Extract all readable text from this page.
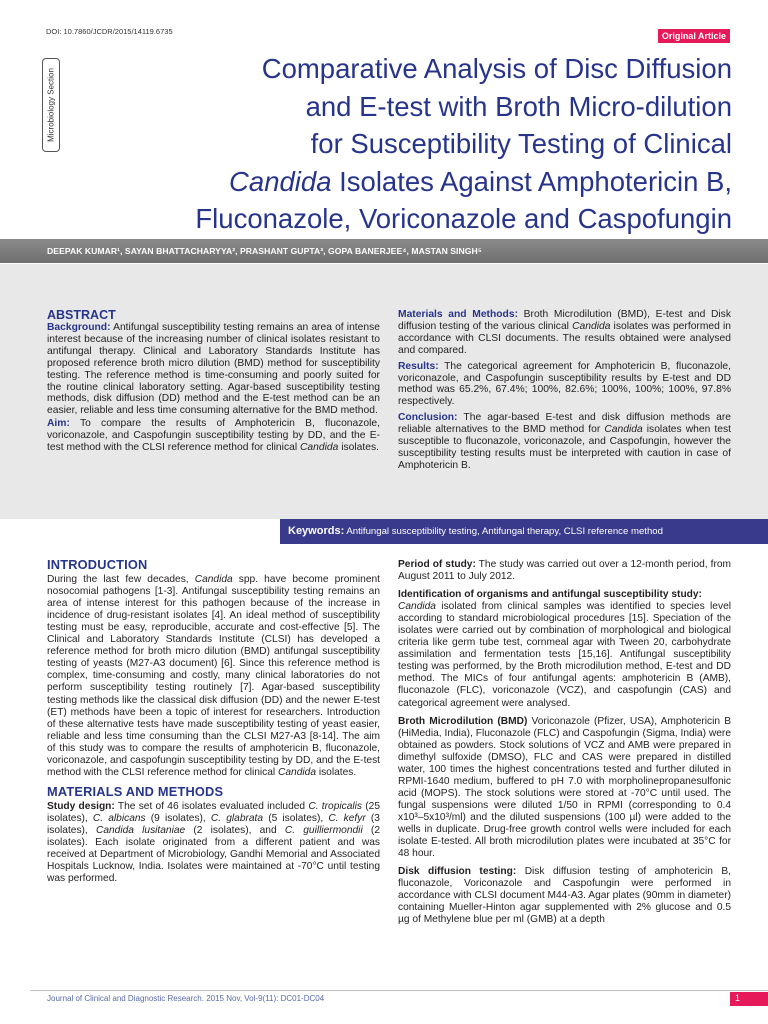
DOI: 10.7860/JCDR/2015/14119.6735	Original Article
Microbiology Section	Comparative Analysis of Disc Diffusion
and E-test with Broth Micro-dilution
for Susceptibility Testing of Clinical
Candida Isolates Against Amphotericin B,
Fluconazole, Voriconazole and Caspofungin
DEEPAK KUMAR¹, SAYAN BHATTACHARYYA², PRASHANT GUPTA³, GOPA BANERJEE⁴, MASTAN SINGH⁵
ABSTRACT

Background: Antifungal susceptibility testing remains an area of intense interest because of the increasing number of clinical isolates resistant to antifungal therapy. Clinical and Laboratory Standards Institute has proposed reference broth micro dilution (BMD) method for susceptibility testing. The reference method is time-consuming and poorly suited for the routine clinical laboratory setting. Agar-based susceptibility testing methods, disk diffusion (DD) method and the E-test method can be an easier, reliable and less time consuming alternative for the BMD method.

Aim: To compare the results of Amphotericin B, fluconazole, voriconazole, and Caspofungin susceptibility testing by DD, and the E-test method with the CLSI reference method for clinical Candida isolates.

Materials and Methods: Broth Microdilution (BMD), E-test and Disk diffusion testing of the various clinical Candida isolates was performed in accordance with CLSI documents. The results obtained were analysed and compared.

Results: The categorical agreement for Amphotericin B, fluconazole, voriconazole, and Caspofungin susceptibility results by E-test and DD method was 65.2%, 67.4%; 100%, 82.6%; 100%, 100%; 100%, 97.8% respectively.

Conclusion: The agar-based E-test and disk diffusion methods are reliable alternatives to the BMD method for Candida isolates when test susceptible to fluconazole, voriconazole, and Caspofungin, however the susceptibility testing results must be interpreted with caution in case of Amphotericin B.

Keywords: Antifungal susceptibility testing, Antifungal therapy, CLSI reference method
INTRODUCTION

During the last few decades, Candida spp. have become prominent nosocomial pathogens [1-3]. Antifungal susceptibility testing remains an area of intense interest for this pathogen because of the increase in incidence of drug-resistant isolates [4]. An ideal method of susceptibility testing must be easy, reproducible, accurate and cost-effective [5]. The Clinical and Laboratory Standards Institute (CLSI) has developed a reference method for broth micro dilution (BMD) antifungal susceptibility testing of yeasts (M27-A3 document) [6]. Since this reference method is complex, time-consuming and costly, many clinical laboratories do not perform susceptibility testing routinely [7]. Agar-based susceptibility testing methods like the classical disk diffusion (DD) and the newer E-test (ET) methods have been a topic of interest for researchers. Introduction of these alternative tests have made susceptibility testing of yeast easier, reliable and less time consuming than the CLSI M27-A3 [8-14]. The aim of this study was to compare the results of amphotericin B, fluconazole, voriconazole, and caspofungin susceptibility testing by DD, and the E-test method with the CLSI reference method for clinical Candida isolates.

MATERIALS AND METHODS

Study design: The set of 46 isolates evaluated included C. tropicalis (25 isolates), C. albicans (9 isolates), C. glabrata (5 isolates), C. kefyr (3 isolates), Candida lusitaniae (2 isolates), and C. guilliermondii (2 isolates). Each isolate originated from a different patient and was received at Department of Microbiology, Gandhi Memorial and Associated Hospitals Lucknow, India. Isolates were maintained at -70°C until testing was performed.

Period of study: The study was carried out over a 12-month period, from August 2011 to July 2012.

Identification of organisms and antifungal susceptibility study:
Candida isolated from clinical samples was identified to species level according to standard microbiological procedures [15]. Speciation of the isolates were carried out by combination of morphological and biological criteria like germ tube test, cornmeal agar with Tween 20, carbohydrate assimilation and fermentation tests [15,16]. Antifungal susceptibility testing was performed, by the Broth microdilution method, E-test and DD method. The MICs of four antifungal agents: amphotericin B (AMB), fluconazole (FLC), voriconazole (VCZ), and caspofungin (CAS) and categorical agreement were analysed.

Broth Microdilution (BMD) Voriconazole (Pfizer, USA), Amphotericin B (HiMedia, India), Fluconazole (FLC) and Caspofungin (Sigma, India) were obtained as powders. Stock solutions of VCZ and AMB were prepared in dimethyl sulfoxide (DMSO), FLC and CAS were prepared in distilled water, 100 times the highest concentrations tested and further diluted in RPMI-1640 medium, buffered to pH 7.0 with morpholinepropanesulfonic acid (MOPS). The stock solutions were stored at -70°C until used. The fungal suspensions were diluted 1/50 in RPMI (corresponding to 0.4 x10³–5x10³/ml) and the diluted suspensions (100 µl) were added to the wells in duplicate. Drug-free growth control wells were included for each isolate E-tested. All broth microdilution plates were incubated at 35°C for 48 hour.

Disk diffusion testing: Disk diffusion testing of amphotericin B, fluconazole, Voriconazole and Caspofungin were performed in accordance with CLSI document M44-A3. Agar plates (90mm in diameter) containing Mueller-Hinton agar supplemented with 2% glucose and 0.5 µg of Methylene blue per ml (GMB) at a depth

Journal of Clinical and Diagnostic Research. 2015 Nov, Vol-9(11): DC01-DC04	1
